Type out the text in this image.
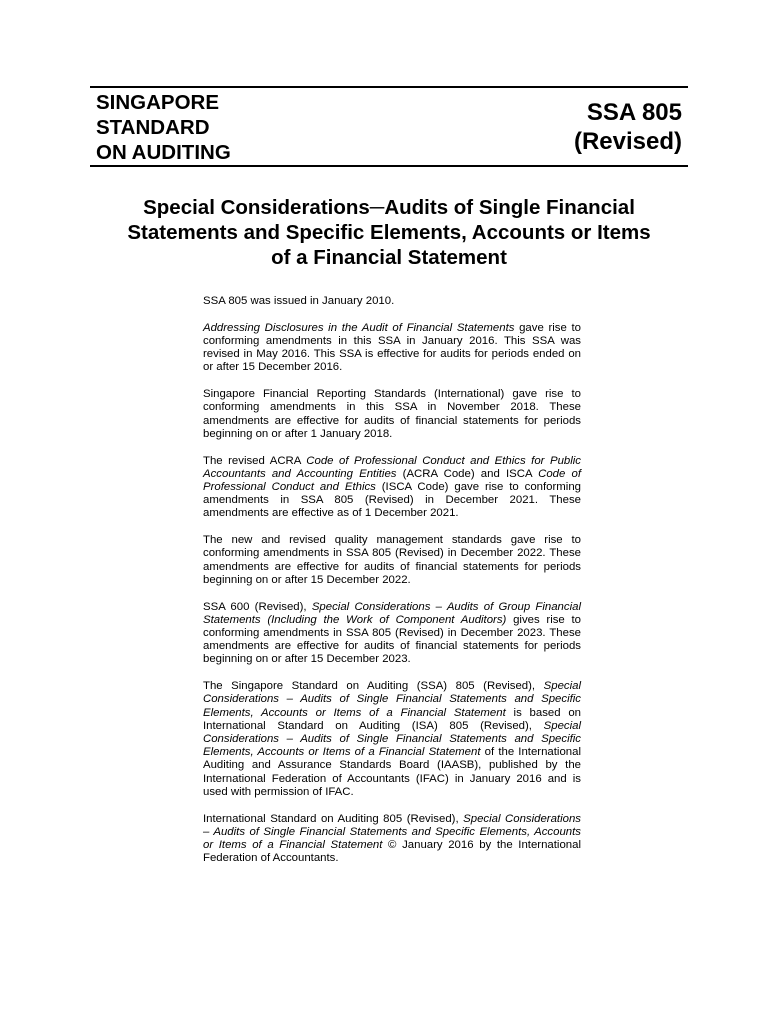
SINGAPORE
STANDARD
ON AUDITING
SSA 805
(Revised)
Special Considerations─Audits of Single Financial
Statements and Specific Elements, Accounts or Items
of a Financial Statement

SSA 805 was issued in January 2010.

Addressing Disclosures in the Audit of Financial Statements gave rise to conforming amendments in this SSA in January 2016. This SSA was revised in May 2016. This SSA is effective for audits for periods ended on or after 15 December 2016.

Singapore Financial Reporting Standards (International) gave rise to conforming amendments in this SSA in November 2018. These amendments are effective for audits of financial statements for periods beginning on or after 1 January 2018.

The revised ACRA Code of Professional Conduct and Ethics for Public Accountants and Accounting Entities (ACRA Code) and ISCA Code of Professional Conduct and Ethics (ISCA Code) gave rise to conforming amendments in SSA 805 (Revised) in December 2021. These amendments are effective as of 1 December 2021.

The new and revised quality management standards gave rise to conforming amendments in SSA 805 (Revised) in December 2022. These amendments are effective for audits of financial statements for periods beginning on or after 15 December 2022.

SSA 600 (Revised), Special Considerations – Audits of Group Financial Statements (Including the Work of Component Auditors) gives rise to conforming amendments in SSA 805 (Revised) in December 2023. These amendments are effective for audits of financial statements for periods beginning on or after 15 December 2023.

The Singapore Standard on Auditing (SSA) 805 (Revised), Special Considerations – Audits of Single Financial Statements and Specific Elements, Accounts or Items of a Financial Statement is based on International Standard on Auditing (ISA) 805 (Revised), Special Considerations – Audits of Single Financial Statements and Specific Elements, Accounts or Items of a Financial Statement of the International Auditing and Assurance Standards Board (IAASB), published by the International Federation of Accountants (IFAC) in January 2016 and is used with permission of IFAC.

International Standard on Auditing 805 (Revised), Special Considerations – Audits of Single Financial Statements and Specific Elements, Accounts or Items of a Financial Statement © January 2016 by the International Federation of Accountants.
